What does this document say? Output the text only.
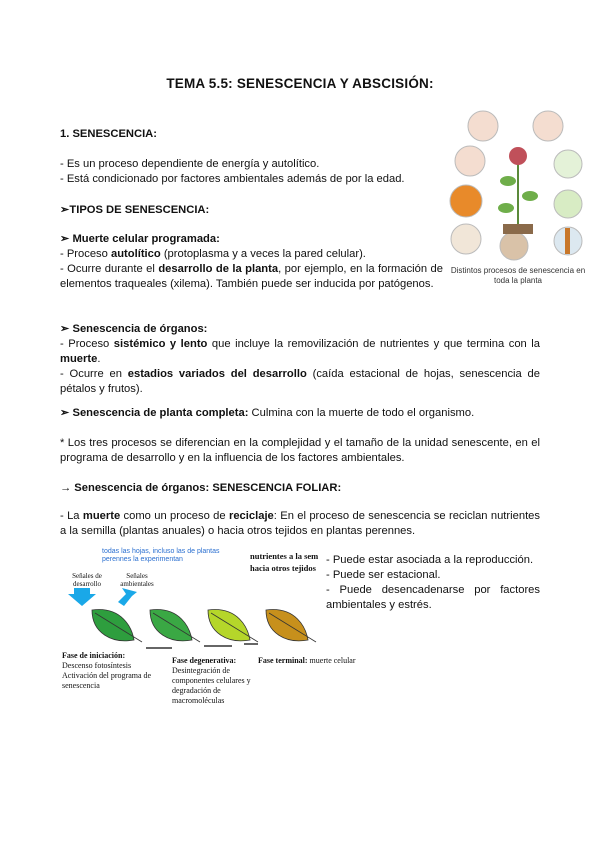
TEMA 5.5: SENESCENCIA Y ABSCISIÓN:

1. SENESCENCIA:

- Es un proceso dependiente de energía y autolítico.

- Está condicionado por factores ambientales además de por la edad.

➢TIPOS DE SENESCENCIA:

➢ Muerte celular programada:

- Proceso autolítico (protoplasma y a veces la pared celular).

- Ocurre durante el desarrollo de la planta, por ejemplo, en la formación de elementos traqueales (xilema). También puede ser inducida por patógenos.

➢ Senescencia de órganos:

- Proceso sistémico y lento que incluye la removilización de nutrientes y que termina con la muerte.

- Ocurre en estadios variados del desarrollo (caída estacional de hojas, senescencia de pétalos y frutos).

➢ Senescencia de planta completa: Culmina con la muerte de todo el organismo.

* Los tres procesos se diferencian en la complejidad y el tamaño de la unidad senescente, en el programa de desarrollo y en la influencia de los factores ambientales.

→ Senescencia de órganos: SENESCENCIA FOLIAR:

- La muerte como un proceso de reciclaje: En el proceso de senescencia se reciclan nutrientes a la semilla (plantas anuales) o hacia otros tejidos en plantas perennes.

- Puede estar asociada a la reproducción.

- Puede ser estacional.

- Puede desencadenarse por factores ambientales y estrés.

Distintos procesos de senescencia en toda la planta

todas las hojas, incluso las de plantas perennes la experimentan	nutrientes a la sem hacia otros tejidos

Señales de desarrollo

Señales ambientales

Fase de iniciación:
Descenso fotosíntesis Activación del programa de senescencia
Fase degenerativa:
Desintegración de componentes celulares y degradación de macromoléculas
Fase terminal: muerte celular
